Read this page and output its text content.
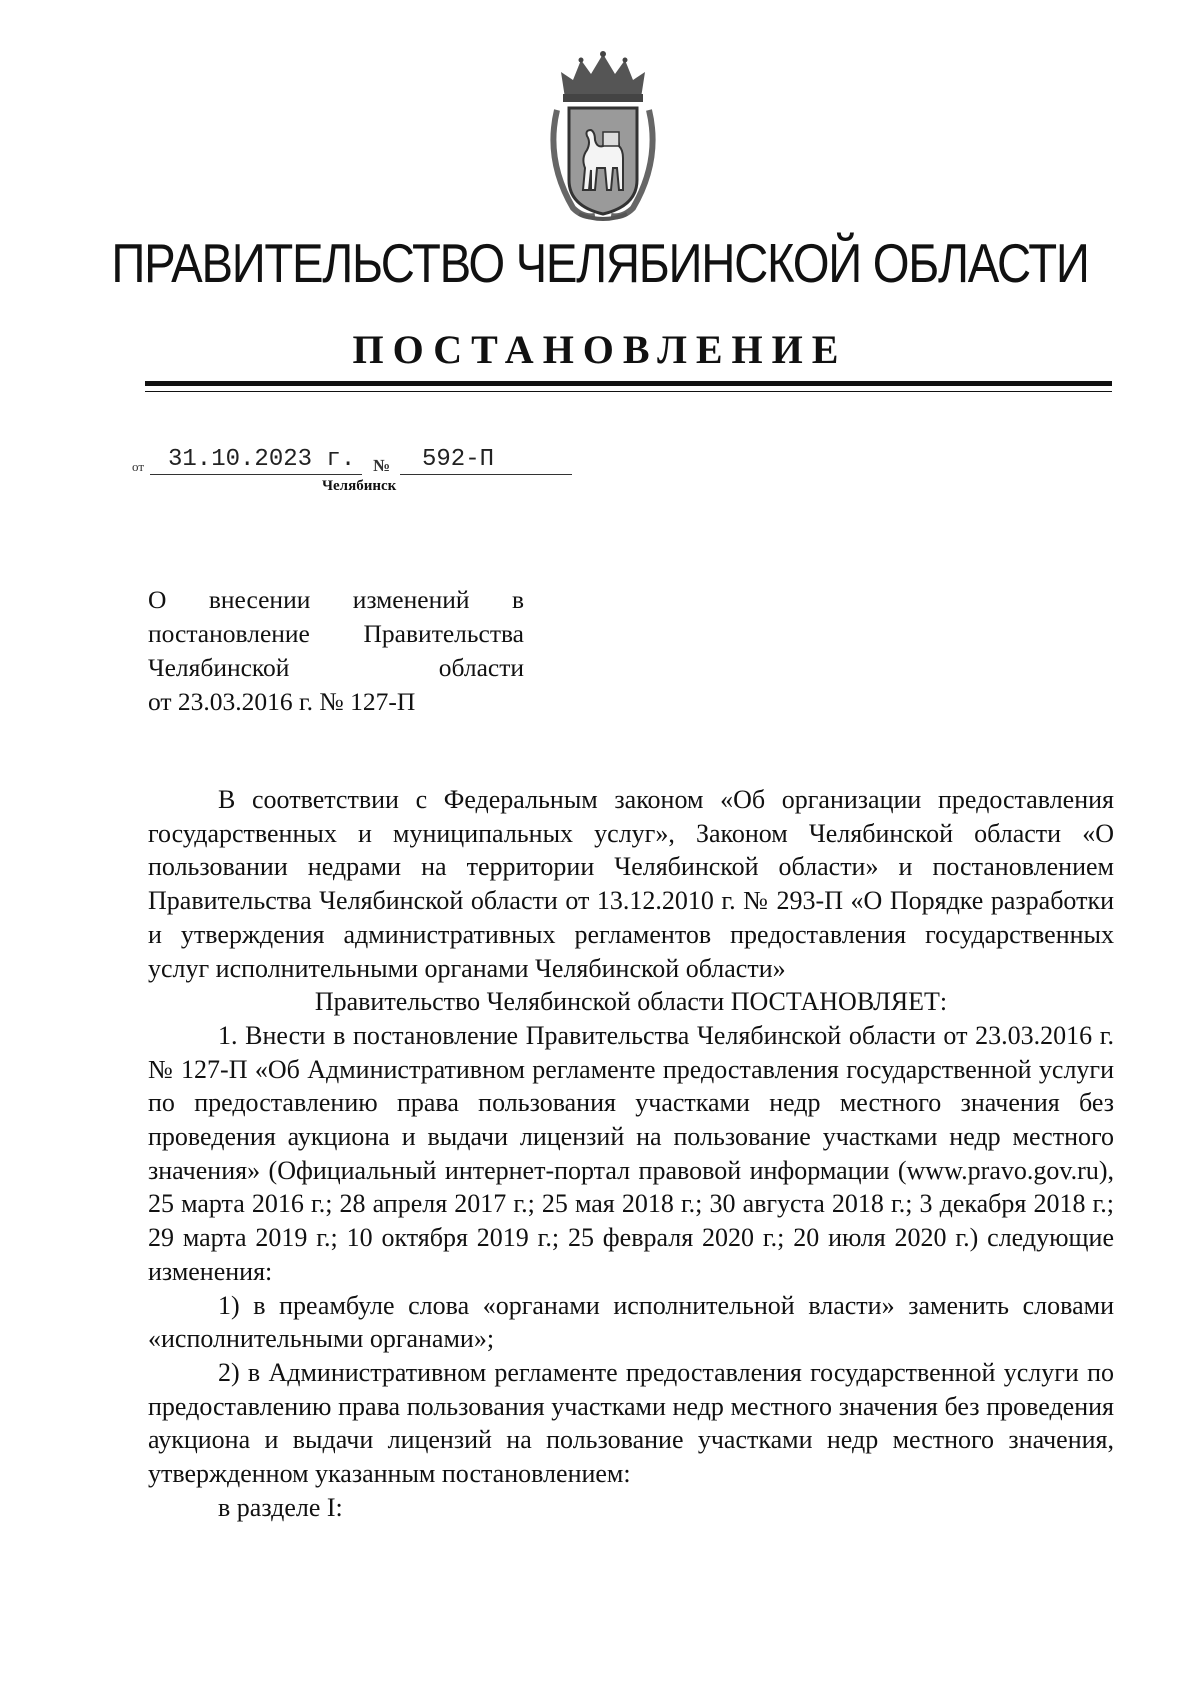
ПРАВИТЕЛЬСТВО ЧЕЛЯБИНСКОЙ ОБЛАСТИ
ПОСТАНОВЛЕНИЕ
от 31.10.2023 г. № 592-П
Челябинск
О внесении изменений в
постановление Правительства
Челябинской области
от 23.03.2016 г. № 127-П

В соответствии с Федеральным законом «Об организации предоставления государственных и муниципальных услуг», Законом Челябинской области «О пользовании недрами на территории Челябинской области» и постановлением Правительства Челябинской области от 13.12.2010 г. № 293-П «О Порядке разработки и утверждения административных регламентов предоставления государственных услуг исполнительными органами Челябинской области»

Правительство Челябинской области ПОСТАНОВЛЯЕТ:

1. Внести в постановление Правительства Челябинской области от 23.03.2016 г. № 127-П «Об Административном регламенте предоставления государственной услуги по предоставлению права пользования участками недр местного значения без проведения аукциона и выдачи лицензий на пользование участками недр местного значения» (Официальный интернет-портал правовой информации (www.pravo.gov.ru), 25 марта 2016 г.; 28 апреля 2017 г.; 25 мая 2018 г.; 30 августа 2018 г.; 3 декабря 2018 г.; 29 марта 2019 г.; 10 октября 2019 г.; 25 февраля 2020 г.; 20 июля 2020 г.) следующие изменения:

1) в преамбуле слова «органами исполнительной власти» заменить словами «исполнительными органами»;

2) в Административном регламенте предоставления государственной услуги по предоставлению права пользования участками недр местного значения без проведения аукциона и выдачи лицензий на пользование участками недр местного значения, утвержденном указанным постановлением:

в разделе I:
